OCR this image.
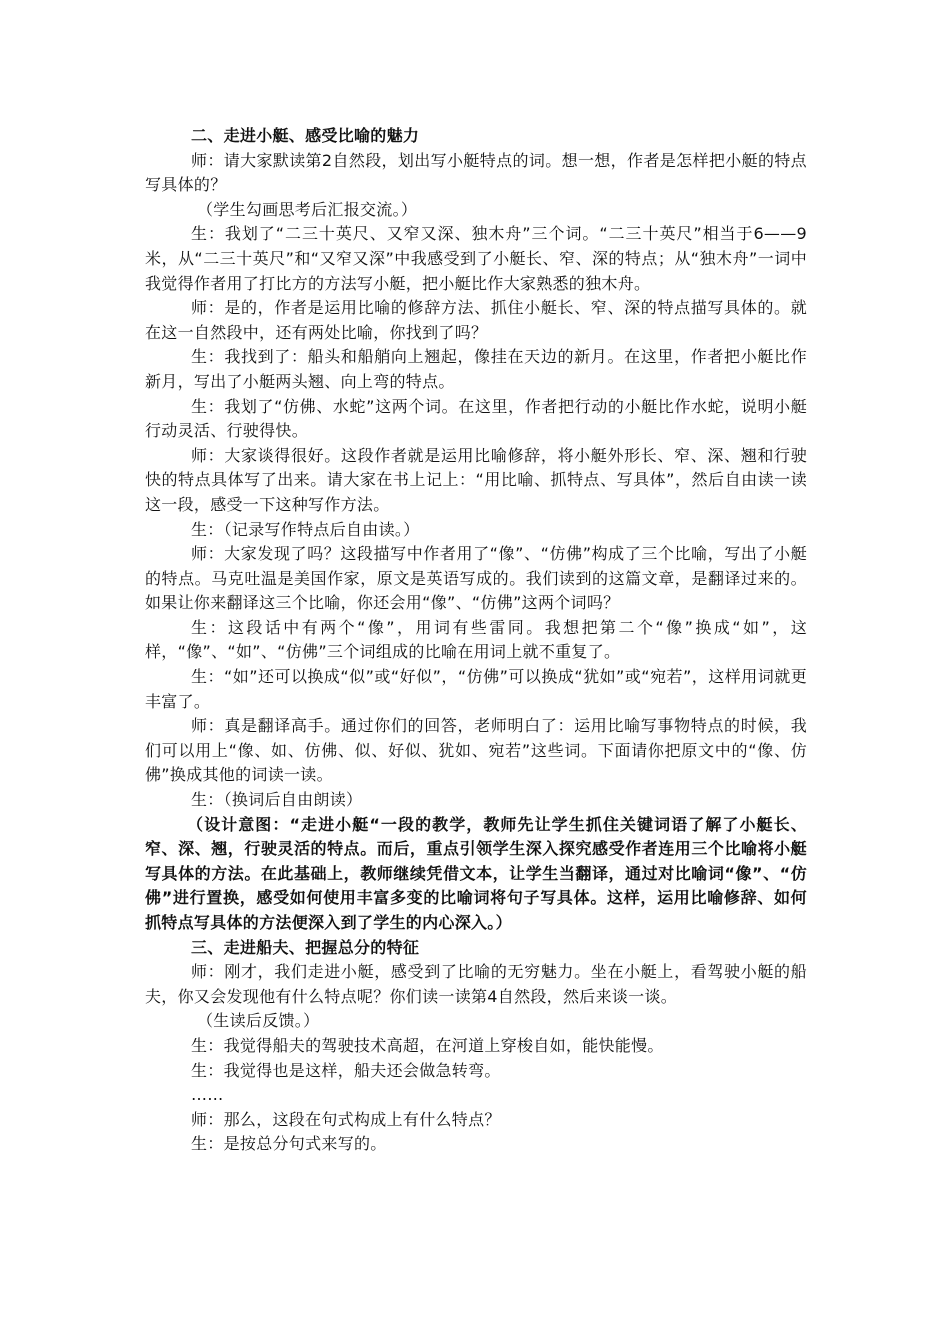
二、走进小艇、感受比喻的魅力

师：请大家默读第2自然段，划出写小艇特点的词。想一想，作者是怎样把小艇的特点写具体的？

（学生勾画思考后汇报交流。）

生：我划了“二三十英尺、又窄又深、独木舟”三个词。“二三十英尺”相当于6——9米，从“二三十英尺”和“又窄又深”中我感受到了小艇长、窄、深的特点；从“独木舟”一词中我觉得作者用了打比方的方法写小艇，把小艇比作大家熟悉的独木舟。

师：是的，作者是运用比喻的修辞方法、抓住小艇长、窄、深的特点描写具体的。就在这一自然段中，还有两处比喻，你找到了吗？

生：我找到了：船头和船艄向上翘起，像挂在天边的新月。在这里，作者把小艇比作新月，写出了小艇两头翘、向上弯的特点。

生：我划了“仿佛、水蛇”这两个词。在这里，作者把行动的小艇比作水蛇，说明小艇行动灵活、行驶得快。

师：大家谈得很好。这段作者就是运用比喻修辞，将小艇外形长、窄、深、翘和行驶快的特点具体写了出来。请大家在书上记上：“用比喻、抓特点、写具体”，然后自由读一读这一段，感受一下这种写作方法。

生：（记录写作特点后自由读。）

师：大家发现了吗？这段描写中作者用了“像”、“仿佛”构成了三个比喻，写出了小艇的特点。马克吐温是美国作家，原文是英语写成的。我们读到的这篇文章，是翻译过来的。如果让你来翻译这三个比喻，你还会用“像”、“仿佛”这两个词吗？

生：这段话中有两个“像”，用词有些雷同。我想把第二个“像”换成“如”，这样，“像”、“如”、“仿佛”三个词组成的比喻在用词上就不重复了。

生：“如”还可以换成“似”或“好似”，“仿佛”可以换成“犹如”或“宛若”，这样用词就更丰富了。

师：真是翻译高手。通过你们的回答，老师明白了：运用比喻写事物特点的时候，我们可以用上“像、如、仿佛、似、好似、犹如、宛若”这些词。下面请你把原文中的“像、仿佛”换成其他的词读一读。

生：（换词后自由朗读）

（设计意图：“走进小艇“一段的教学，教师先让学生抓住关键词语了解了小艇长、窄、深、翘，行驶灵活的特点。而后，重点引领学生深入探究感受作者连用三个比喻将小艇写具体的方法。在此基础上，教师继续凭借文本，让学生当翻译，通过对比喻词“像”、“仿佛”进行置换，感受如何使用丰富多变的比喻词将句子写具体。这样，运用比喻修辞、如何抓特点写具体的方法便深入到了学生的内心深入。）

三、走进船夫、把握总分的特征

师：刚才，我们走进小艇，感受到了比喻的无穷魅力。坐在小艇上，看驾驶小艇的船夫，你又会发现他有什么特点呢？你们读一读第4自然段，然后来谈一谈。

（生读后反馈。）

生：我觉得船夫的驾驶技术高超，在河道上穿梭自如，能快能慢。

生：我觉得也是这样，船夫还会做急转弯。

……

师：那么，这段在句式构成上有什么特点？

生：是按总分句式来写的。
